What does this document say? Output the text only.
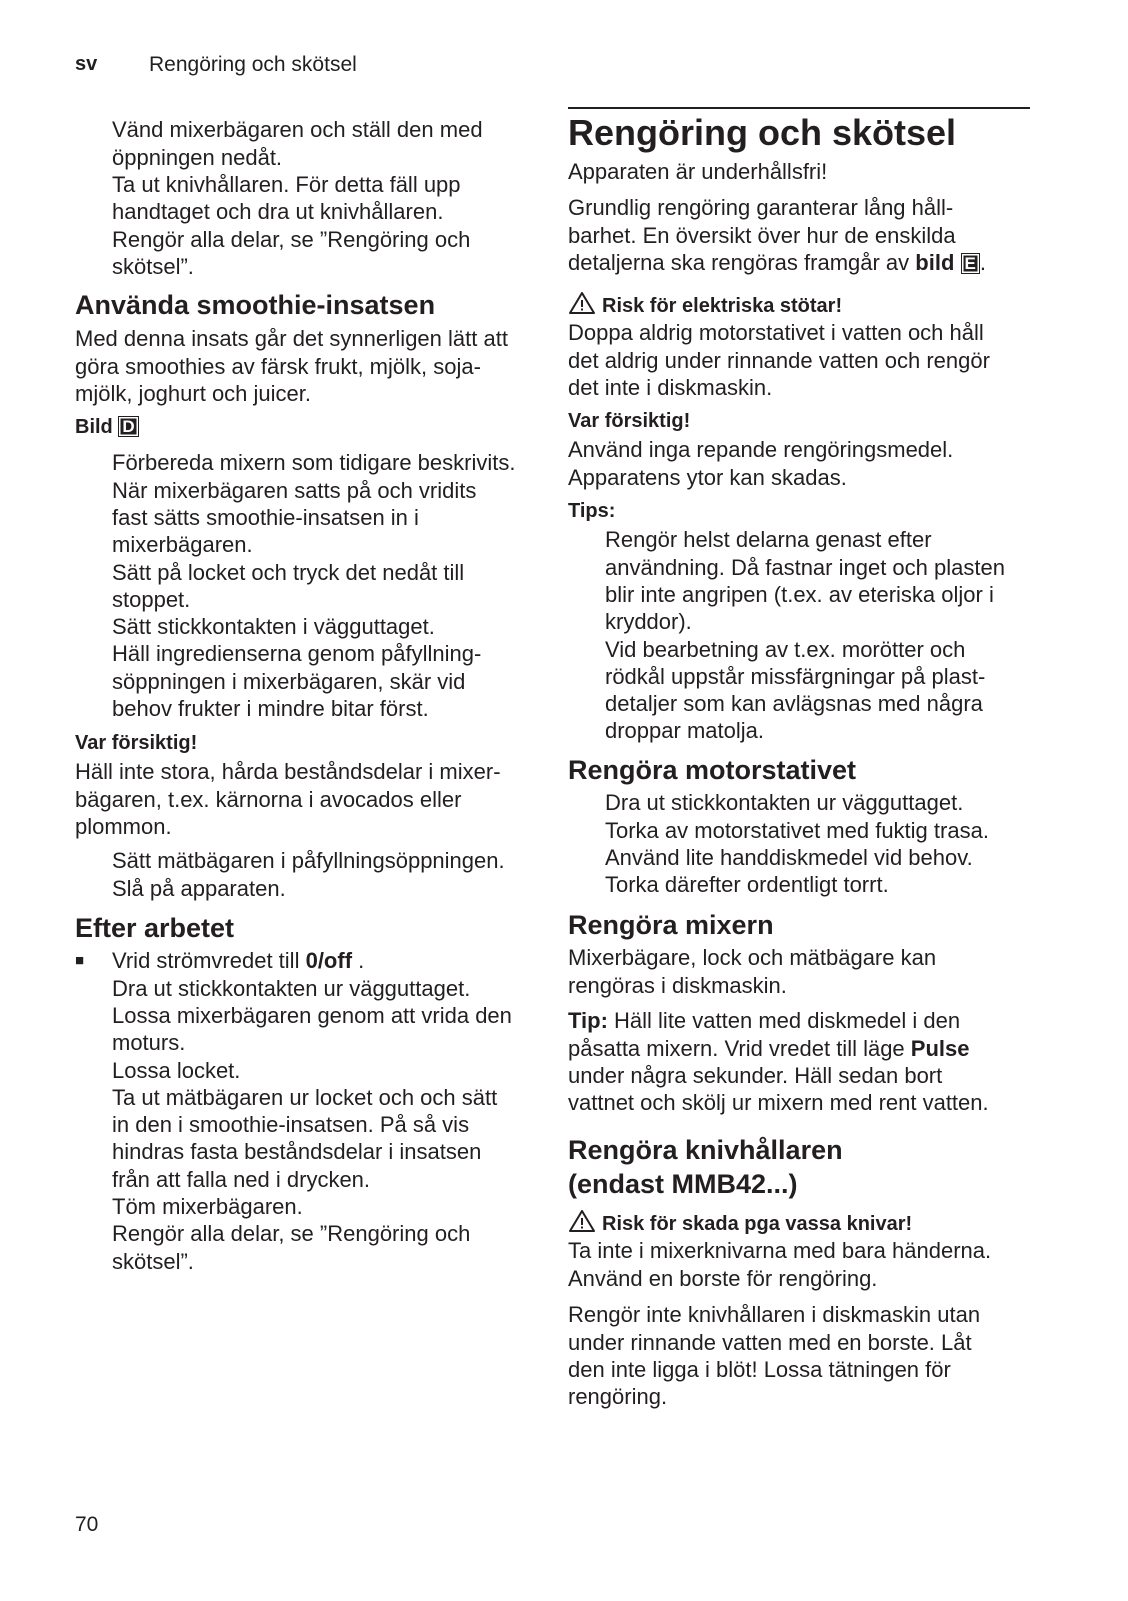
sv Rengöring och skötsel
Vänd mixerbägaren och ställ den med
öppningen nedåt.
Ta ut knivhållaren. För detta fäll upp
handtaget och dra ut knivhållaren.
Rengör alla delar, se ”Rengöring och
skötsel”.
Använda smoothie-insatsen
Med denna insats går det synnerligen lätt att
göra smoothies av färsk frukt, mjölk, soja-
mjölk, joghurt och juicer.
Bild D
Förbereda mixern som tidigare beskrivits.
När mixerbägaren satts på och vridits
fast sätts smoothie-insatsen in i
mixerbägaren.
Sätt på locket och tryck det nedåt till
stoppet.
Sätt stickkontakten i vägguttaget.
Häll ingredienserna genom påfyllning-
söppningen i mixerbägaren, skär vid
behov frukter i mindre bitar först.
Var försiktig!
Häll inte stora, hårda beståndsdelar i mixer-
bägaren, t.ex. kärnorna i avocados eller
plommon.
Sätt mätbägaren i påfyllningsöppningen.
Slå på apparaten.
Efter arbetet
■ Vrid strömvredet till 0/off .
Dra ut stickkontakten ur vägguttaget.
Lossa mixerbägaren genom att vrida den
moturs.
Lossa locket.
Ta ut mätbägaren ur locket och och sätt
in den i smoothie-insatsen. På så vis
hindras fasta beståndsdelar i insatsen
från att falla ned i drycken.
Töm mixerbägaren.
Rengör alla delar, se ”Rengöring och
skötsel”.
Rengöring och skötsel
Apparaten är underhållsfri!
Grundlig rengöring garanterar lång håll-
barhet. En översikt över hur de enskilda
detaljerna ska rengöras framgår av bild E .
Risk för elektriska stötar!
Doppa aldrig motorstativet i vatten och håll
det aldrig under rinnande vatten och rengör
det inte i diskmaskin.
Var försiktig!
Använd inga repande rengöringsmedel.
Apparatens ytor kan skadas.
Tips:
Rengör helst delarna genast efter
användning. Då fastnar inget och plasten
blir inte angripen (t.ex. av eteriska oljor i
kryddor).
Vid bearbetning av t.ex. morötter och
rödkål uppstår missfärgningar på plast-
detaljer som kan avlägsnas med några
droppar matolja.
Rengöra motorstativet
Dra ut stickkontakten ur vägguttaget.
Torka av motorstativet med fuktig trasa.
Använd lite handdiskmedel vid behov.
Torka därefter ordentligt torrt.
Rengöra mixern
Mixerbägare, lock och mätbägare kan
rengöras i diskmaskin.
Tip: Häll lite vatten med diskmedel i den
påsatta mixern. Vrid vredet till läge Pulse
under några sekunder. Häll sedan bort
vattnet och skölj ur mixern med rent vatten.
Rengöra knivhållaren
(endast MMB42...)
Risk för skada pga vassa knivar!
Ta inte i mixerknivarna med bara händerna.
Använd en borste för rengöring.
Rengör inte knivhållaren i diskmaskin utan
under rinnande vatten med en borste. Låt
den inte ligga i blöt! Lossa tätningen för
rengöring.
70
